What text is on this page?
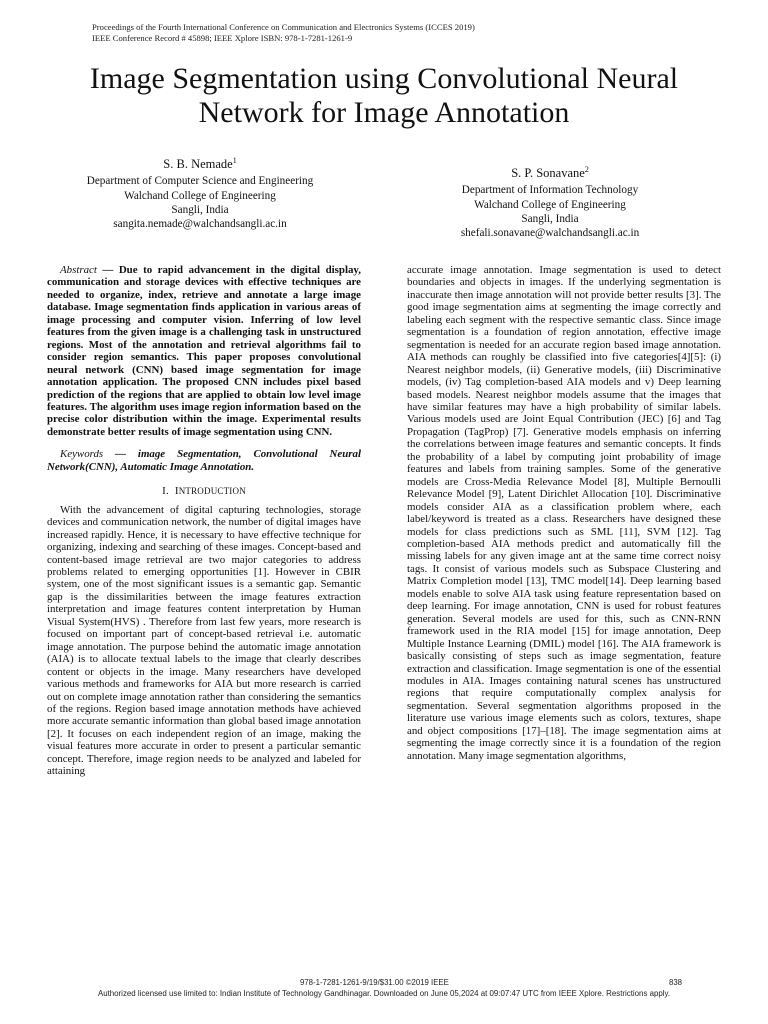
Proceedings of the Fourth International Conference on Communication and Electronics Systems (ICCES 2019)
IEEE Conference Record # 45898; IEEE Xplore ISBN: 978-1-7281-1261-9
Image Segmentation using Convolutional Neural
Network for Image Annotation
S. B. Nemade$^1$
Department of Computer Science and Engineering
Walchand College of Engineering
Sangli, India
sangita.nemade@walchandsangli.ac.in
S. P. Sonavane$^2$
Department of Information Technology
Walchand College of Engineering
Sangli, India
shefali.sonavane@walchandsangli.ac.in

Abstract — Due to rapid advancement in the digital display, communication and storage devices with effective techniques are needed to organize, index, retrieve and annotate a large image database. Image segmentation finds application in various areas of image processing and computer vision. Inferring of low level features from the given image is a challenging task in unstructured regions. Most of the annotation and retrieval algorithms fail to consider region semantics. This paper proposes convolutional neural network (CNN) based image segmentation for image annotation application. The proposed CNN includes pixel based prediction of the regions that are applied to obtain low level image features. The algorithm uses image region information based on the precise color distribution within the image. Experimental results demonstrate better results of image segmentation using CNN.

Keywords — image Segmentation, Convolutional Neural Network(CNN), Automatic Image Annotation.

I. INTRODUCTION

With the advancement of digital capturing technologies, storage devices and communication network, the number of digital images have increased rapidly. Hence, it is necessary to have effective technique for organizing, indexing and searching of these images. Concept-based and content-based image retrieval are two major categories to address problems related to emerging opportunities [1]. However in CBIR system, one of the most significant issues is a semantic gap. Semantic gap is the dissimilarities between the image features extraction interpretation and image features content interpretation by Human Visual System(HVS) . Therefore from last few years, more research is focused on important part of concept-based retrieval i.e. automatic image annotation. The purpose behind the automatic image annotation (AIA) is to allocate textual labels to the image that clearly describes content or objects in the image. Many researchers have developed various methods and frameworks for AIA but more research is carried out on complete image annotation rather than considering the semantics of the regions. Region based image annotation methods have achieved more accurate semantic information than global based image annotation [2]. It focuses on each independent region of an image, making the visual features more accurate in order to present a particular semantic concept. Therefore, image region needs to be analyzed and labeled for attaining

accurate image annotation. Image segmentation is used to detect boundaries and objects in images. If the underlying segmentation is inaccurate then image annotation will not provide better results [3]. The good image segmentation aims at segmenting the image correctly and labeling each segment with the respective semantic class. Since image segmentation is a foundation of region annotation, effective image segmentation is needed for an accurate region based image annotation. AIA methods can roughly be classified into five categories[4][5]: (i) Nearest neighbor models, (ii) Generative models, (iii) Discriminative models, (iv) Tag completion-based AIA models and v) Deep learning based models. Nearest neighbor models assume that the images that have similar features may have a high probability of similar labels. Various models used are Joint Equal Contribution (JEC) [6] and Tag Propagation (TagProp) [7]. Generative models emphasis on inferring the correlations between image features and semantic concepts. It finds the probability of a label by computing joint probability of image features and labels from training samples. Some of the generative models are Cross-Media Relevance Model [8], Multiple Bernoulli Relevance Model [9], Latent Dirichlet Allocation [10]. Discriminative models consider AIA as a classification problem where, each label/keyword is treated as a class. Researchers have designed these models for class predictions such as SML [11], SVM [12]. Tag completion-based AIA methods predict and automatically fill the missing labels for any given image ant at the same time correct noisy tags. It consist of various models such as Subspace Clustering and Matrix Completion model [13], TMC model[14]. Deep learning based models enable to solve AIA task using feature representation based on deep learning. For image annotation, CNN is used for robust features generation. Several models are used for this, such as CNN-RNN framework used in the RIA model [15] for image annotation, Deep Multiple Instance Learning (DMIL) model [16]. The AIA framework is basically consisting of steps such as image segmentation, feature extraction and classification. Image segmentation is one of the essential modules in AIA. Images containing natural scenes has unstructured regions that require computationally complex analysis for segmentation. Several segmentation algorithms proposed in the literature use various image elements such as colors, textures, shape and object compositions [17]–[18]. The image segmentation aims at segmenting the image correctly since it is a foundation of the region annotation. Many image segmentation algorithms,

978-1-7281-1261-9/19/$31.00 ©2019 IEEE	838
Authorized licensed use limited to: Indian Institute of Technology Gandhinagar. Downloaded on June 05,2024 at 09:07:47 UTC from IEEE Xplore. Restrictions apply.
